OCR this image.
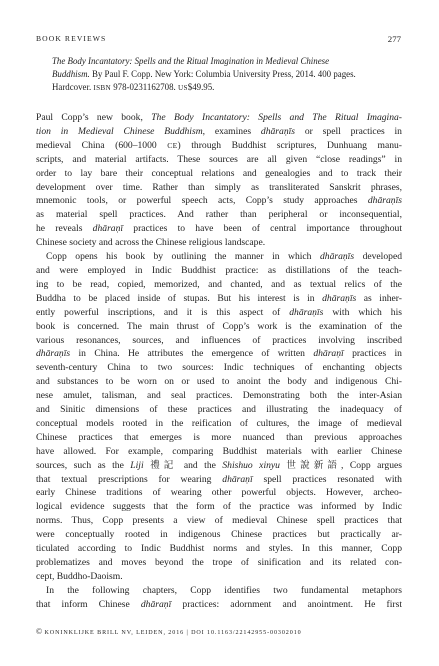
BOOK REVIEWS	277

The Body Incantatory: Spells and the Ritual Imagination in Medieval Chinese

Buddhism. By Paul F. Copp. New York: Columbia University Press, 2014. 400 pages.

Hardcover. ISBN 978-0231162708. US$49.95.

Paul Copp’s new book, The Body Incantatory: Spells and The Ritual Imagina-
tion in Medieval Chinese Buddhism, examines dhāraṇīs or spell practices in
medieval China (600–1000 CE) through Buddhist scriptures, Dunhuang manu-
scripts, and material artifacts. These sources are all given “close readings” in
order to lay bare their conceptual relations and genealogies and to track their
development over time. Rather than simply as transliterated Sanskrit phrases,
mnemonic tools, or powerful speech acts, Copp’s study approaches dhāraṇīs
as material spell practices. And rather than peripheral or inconsequential,
he reveals dhāraṇī practices to have been of central importance throughout
Chinese society and across the Chinese religious landscape.

Copp opens his book by outlining the manner in which dhāraṇīs developed
and were employed in Indic Buddhist practice: as distillations of the teach-
ing to be read, copied, memorized, and chanted, and as textual relics of the
Buddha to be placed inside of stupas. But his interest is in dhāraṇīs as inher-
ently powerful inscriptions, and it is this aspect of dhāraṇīs with which his
book is concerned. The main thrust of Copp’s work is the examination of the
various resonances, sources, and influences of practices involving inscribed
dhāraṇīs in China. He attributes the emergence of written dhāraṇī practices in
seventh-century China to two sources: Indic techniques of enchanting objects
and substances to be worn on or used to anoint the body and indigenous Chi-
nese amulet, talisman, and seal practices. Demonstrating both the inter-Asian
and Sinitic dimensions of these practices and illustrating the inadequacy of
conceptual models rooted in the reification of cultures, the image of medieval
Chinese practices that emerges is more nuanced than previous approaches
have allowed. For example, comparing Buddhist materials with earlier Chinese
sources, such as the Liji 禮記 and the Shishuo xinyu 世說新語, Copp argues
that textual prescriptions for wearing dhāraṇī spell practices resonated with
early Chinese traditions of wearing other powerful objects. However, archeo-
logical evidence suggests that the form of the practice was informed by Indic
norms. Thus, Copp presents a view of medieval Chinese spell practices that
were conceptually rooted in indigenous Chinese practices but practically ar-
ticulated according to Indic Buddhist norms and styles. In this manner, Copp
problematizes and moves beyond the trope of sinification and its related con-
cept, Buddho-Daoism.

In the following chapters, Copp identifies two fundamental metaphors
that inform Chinese dhāraṇī practices: adornment and anointment. He first

© KONINKLIJKE BRILL NV, LEIDEN, 2016 | DOI 10.1163/22142955-00302010
